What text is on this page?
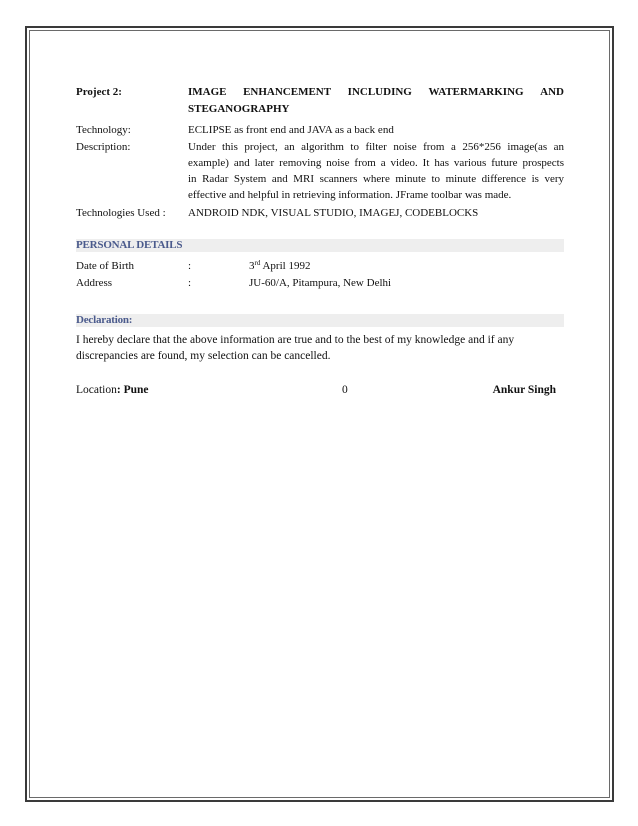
Project 2:	IMAGE ENHANCEMENT INCLUDING WATERMARKING AND
STEGANOGRAPHY
Technology:	ECLIPSE as front end and JAVA as a back end
Description:	Under this project, an algorithm to filter noise from a 256*256 image(as an
example) and later removing noise from a video. It has various future prospects
in Radar System and MRI scanners where minute to minute difference is very
effective and helpful in retrieving information. JFrame toolbar was made.
Technologies Used :	ANDROID NDK, VISUAL STUDIO, IMAGEJ, CODEBLOCKS
PERSONAL DETAILS
Date of Birth	:	3rd April 1992
Address	:	JU-60/A, Pitampura, New Delhi
Declaration:
I hereby declare that the above information are true and to the best of my knowledge and if any
discrepancies are found, my selection can be cancelled.
Location: Pune	0	Ankur Singh
